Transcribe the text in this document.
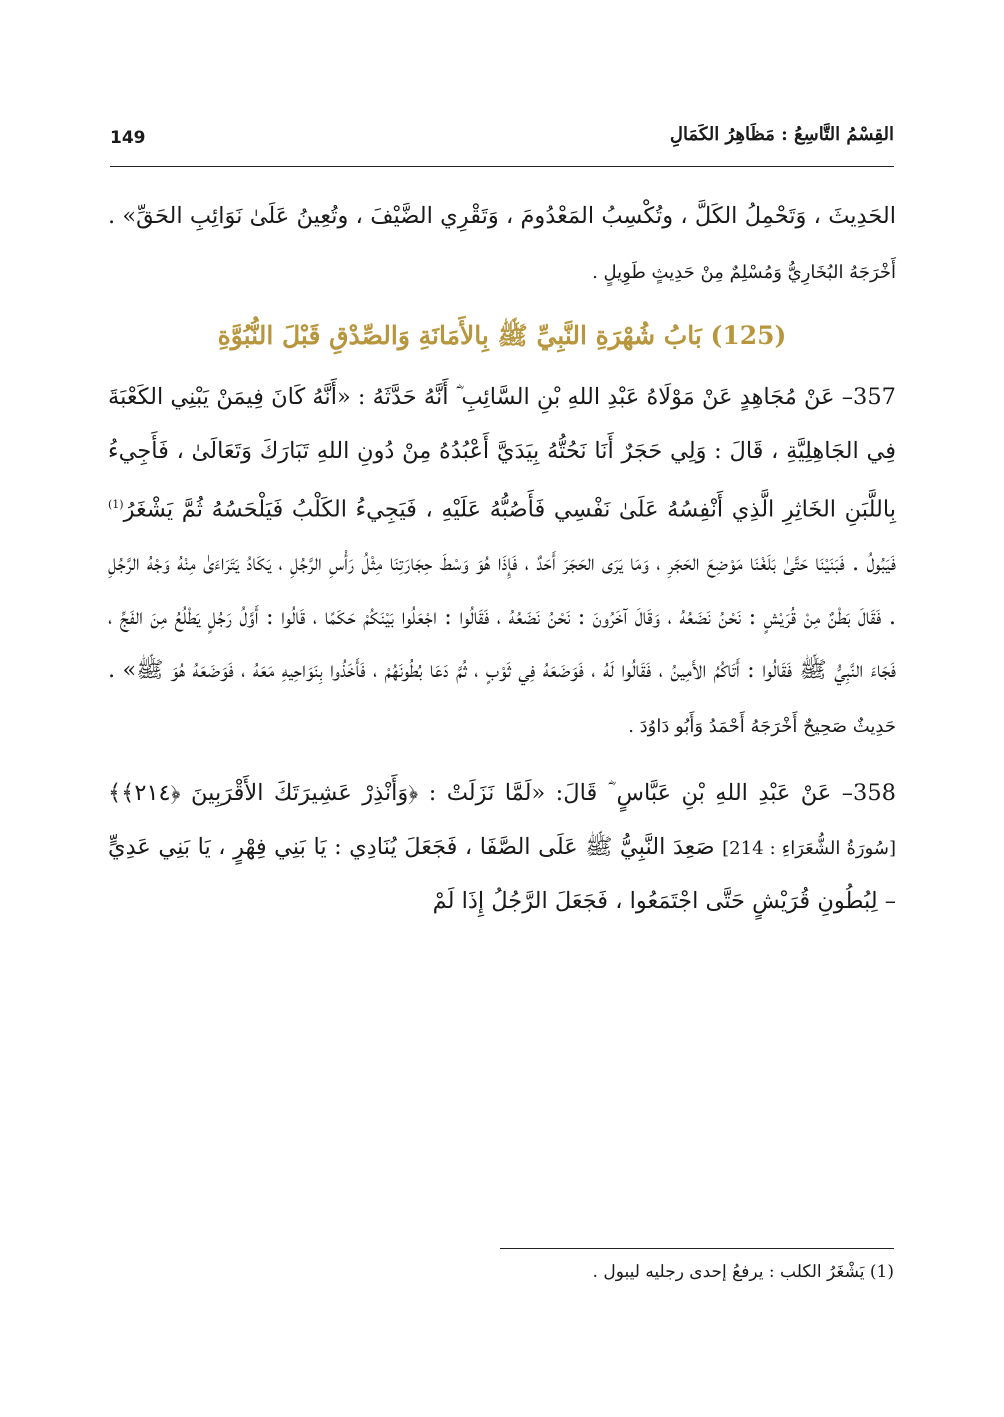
149	القِسْمُ التَّاسِعُ : مَظَاهِرُ الكَمَالِ

الحَدِيثَ ، وَتَحْمِلُ الكَلَّ ، وتُكْسِبُ المَعْدُومَ ، وَتَقْرِي الضَّيْفَ ، وتُعِينُ عَلَىٰ نَوَائِبِ الحَقِّ» . أَخْرَجَهُ البُخَارِيُّ وَمُسْلِمٌ مِنْ حَدِيثٍ طَوِيلٍ .

(125) بَابُ شُهْرَةِ النَّبِيِّ ﷺ بِالأَمَانَةِ وَالصِّدْقِ قَبْلَ النُّبُوَّةِ

357– عَنْ مُجَاهِدٍ عَنْ مَوْلَاهُ عَبْدِ اللهِ بْنِ السَّائِبِ ؓ أَنَّهُ حَدَّثَهُ : «أَنَّهُ كَانَ فِيمَنْ يَبْنِي الكَعْبَةَ فِي الجَاهِلِيَّةِ ، قَالَ : وَلِي حَجَرٌ أَنَا نَحُتُّهُ بِيَدَيَّ أَعْبُدُهُ مِنْ دُونِ اللهِ تَبَارَكَ وَتَعَالَىٰ ، فَأَجِيءُ بِاللَّبَنِ الخَاثِرِ الَّذِي أَنْفِسُهُ عَلَىٰ نَفْسِي فَأَصُبُّهُ عَلَيْهِ ، فَيَجِيءُ الكَلْبُ فَيَلْحَسُهُ ثُمَّ يَشْغَرُ$^{(1)}$ فَيَبُولُ . فَبَنَيْنَا حَتَّىٰ بَلَغْنَا مَوْضِعَ الحَجَرِ ، وَمَا يَرَى الحَجَرَ أَحَدٌ ، فَإِذَا هُوَ وَسْطَ حِجَارَتِنَا مِثْلُ رَأْسِ الرَّجُلِ ، يَكَادُ يَتَرَاءَىٰ مِنْهُ وَجْهُ الرَّجُلِ . فَقَالَ بَطْنٌ مِنْ قُرَيْشٍ : نَحْنُ نَضَعُهُ ، وَقَالَ آخَرُونَ : نَحْنُ نَضَعُهُ ، فَقَالُوا : اجْعَلُوا بَيْنَكُمْ حَكَمًا ، قَالُوا : أَوَّلُ رَجُلٍ يَطْلُعُ مِنَ الفَجِّ ، فَجَاءَ النَّبِيُّ ﷺ فَقَالُوا : أَتَاكُمُ الأَمِينُ ، فَقَالُوا لَهُ ، فَوَضَعَهُ فِي ثَوْبٍ ، ثُمَّ دَعَا بُطُونَهُمْ ، فَأَخَذُوا بِنَوَاحِيهِ مَعَهُ ، فَوَضَعَهُ هُوَ ﷺ» . حَدِيثٌ صَحِيحٌ أَخْرَجَهُ أَحْمَدُ وَأَبُو دَاوُدَ .

358– عَنْ عَبْدِ اللهِ بْنِ عَبَّاسٍ ؓ قَالَ: «لَمَّا نَزَلَتْ : ﴿وَأَنْذِرْ عَشِيرَتَكَ الأَقْرَبِينَ ﴿٢١٤﴾﴾ [سُورَةُ الشُّعَرَاءِ : 214] صَعِدَ النَّبِيُّ ﷺ عَلَى الصَّفَا ، فَجَعَلَ يُنَادِي : يَا بَنِي فِهْرٍ ، يَا بَنِي عَدِيٍّ – لِبُطُونِ قُرَيْشٍ حَتَّى اجْتَمَعُوا ، فَجَعَلَ الرَّجُلُ إِذَا لَمْ

(1) يَشْغَرُ الكلب : يرفعُ إحدى رجليه ليبول .
